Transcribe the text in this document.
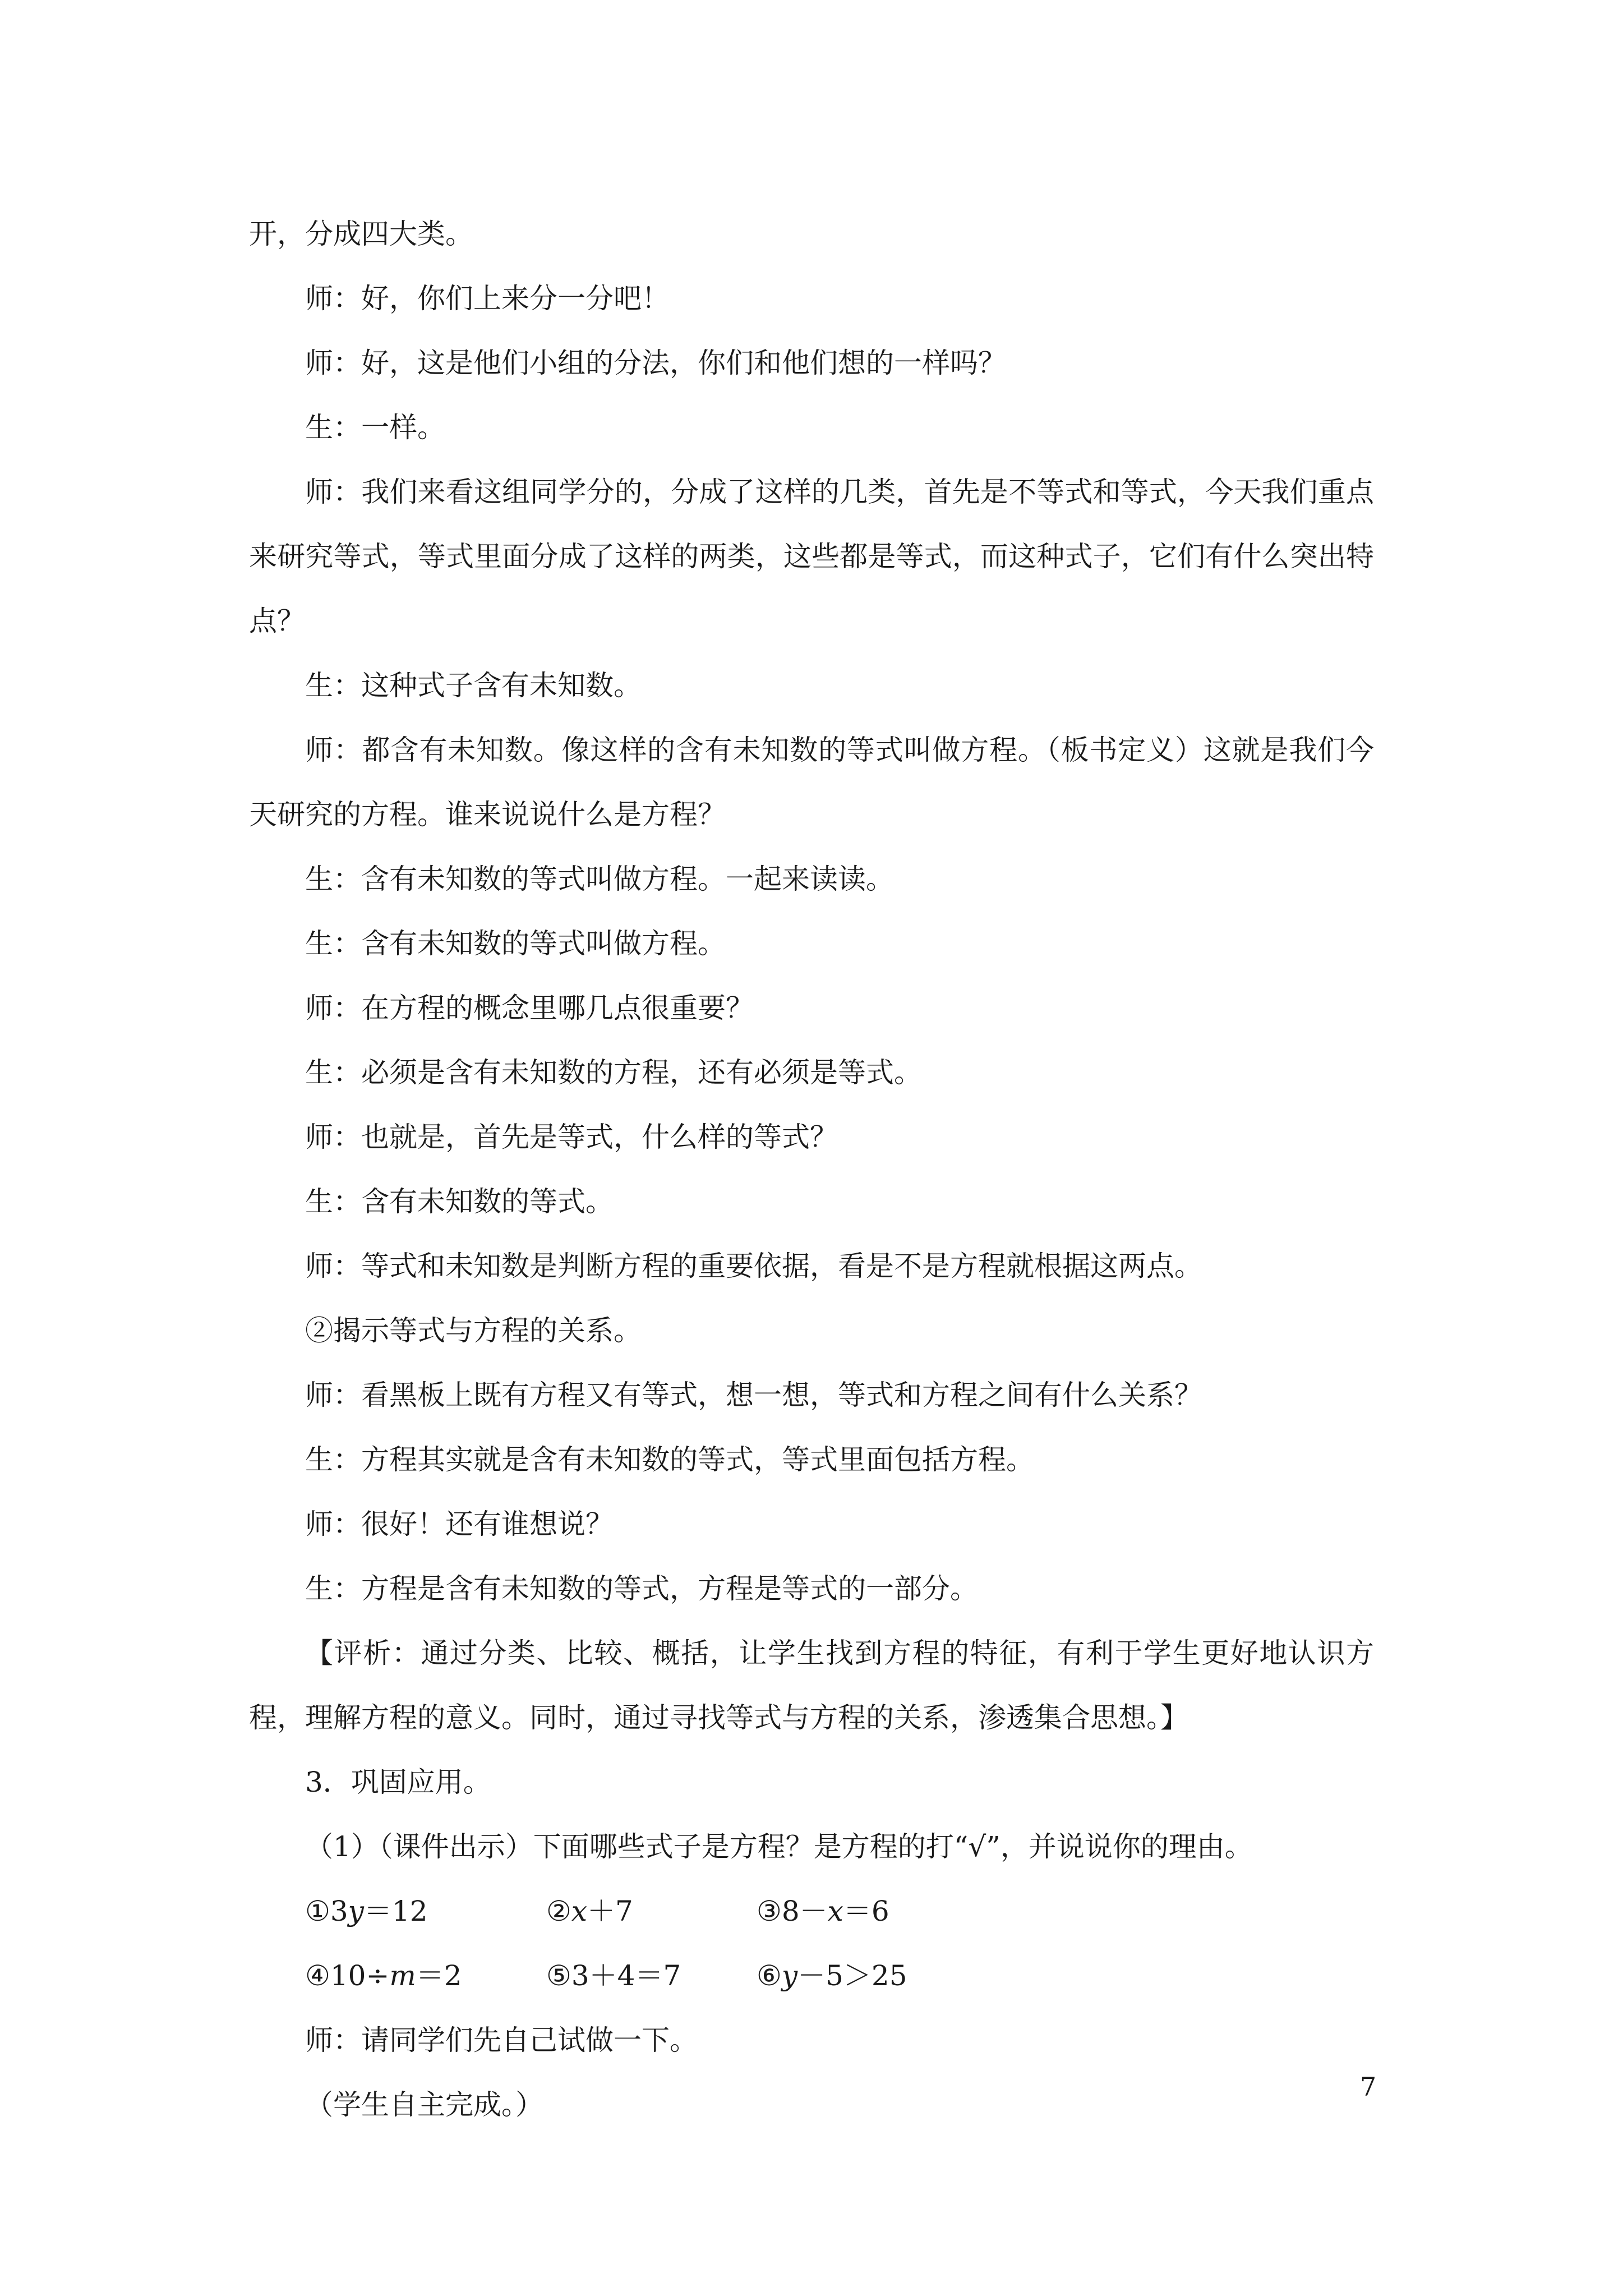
开，分成四大类。

师：好，你们上来分一分吧！

师：好，这是他们小组的分法，你们和他们想的一样吗？

生：一样。

师：我们来看这组同学分的，分成了这样的几类，首先是不等式和等式，今天我们重点来研究等式，等式里面分成了这样的两类，这些都是等式，而这种式子，它们有什么突出特点？

生：这种式子含有未知数。

师：都含有未知数。像这样的含有未知数的等式叫做方程。（板书定义）这就是我们今天研究的方程。谁来说说什么是方程？

生：含有未知数的等式叫做方程。一起来读读。

生：含有未知数的等式叫做方程。

师：在方程的概念里哪几点很重要？

生：必须是含有未知数的方程，还有必须是等式。

师：也就是，首先是等式，什么样的等式？

生：含有未知数的等式。

师：等式和未知数是判断方程的重要依据，看是不是方程就根据这两点。

②揭示等式与方程的关系。

师：看黑板上既有方程又有等式，想一想，等式和方程之间有什么关系？

生：方程其实就是含有未知数的等式，等式里面包括方程。

师：很好！还有谁想说？

生：方程是含有未知数的等式，方程是等式的一部分。

【评析：通过分类、比较、概括，让学生找到方程的特征，有利于学生更好地认识方程，理解方程的意义。同时，通过寻找等式与方程的关系，渗透集合思想。】

3．巩固应用。

（1）（课件出示）下面哪些式子是方程？是方程的打“√”，并说说你的理由。

①3y＝12	②x＋7	③8－x＝6
④10÷m＝2	⑤3＋4＝7	⑥y－5＞25

师：请同学们先自己试做一下。

（学生自主完成。）

7
